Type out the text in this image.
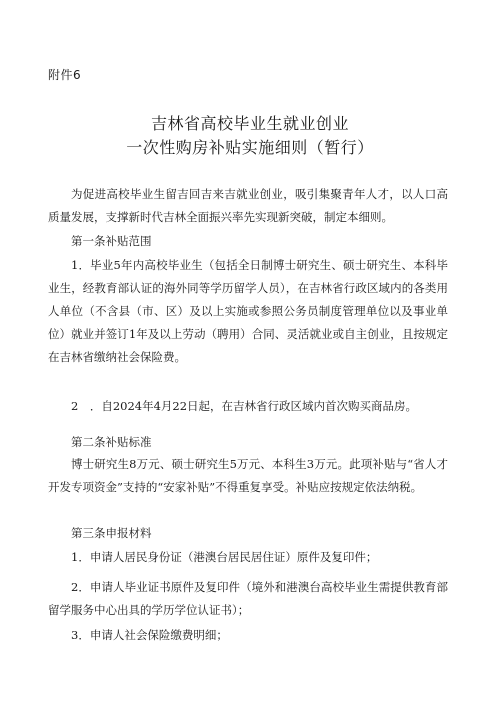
附件6
吉林省高校毕业生就业创业
一次性购房补贴实施细则（暂行）

为促进高校毕业生留吉回吉来吉就业创业，吸引集聚青年人才，以人口高质量发展，支撑新时代吉林全面振兴率先实现新突破，制定本细则。

第一条补贴范围

1．毕业5年内高校毕业生（包括全日制博士研究生、硕士研究生、本科毕业生，经教育部认证的海外同等学历留学人员），在吉林省行政区域内的各类用人单位（不含县（市、区）及以上实施或参照公务员制度管理单位以及事业单位）就业并签订1年及以上劳动（聘用）合同、灵活就业或自主创业，且按规定在吉林省缴纳社会保险费。

2　．自2024年4月22日起，在吉林省行政区域内首次购买商品房。

第二条补贴标准

博士研究生8万元、硕士研究生5万元、本科生3万元。此项补贴与“省人才开发专项资金”支持的“安家补贴”不得重复享受。补贴应按规定依法纳税。

第三条申报材料

1．申请人居民身份证（港澳台居民居住证）原件及复印件；

2．申请人毕业证书原件及复印件（境外和港澳台高校毕业生需提供教育部留学服务中心出具的学历学位认证书）；

3．申请人社会保险缴费明细；
